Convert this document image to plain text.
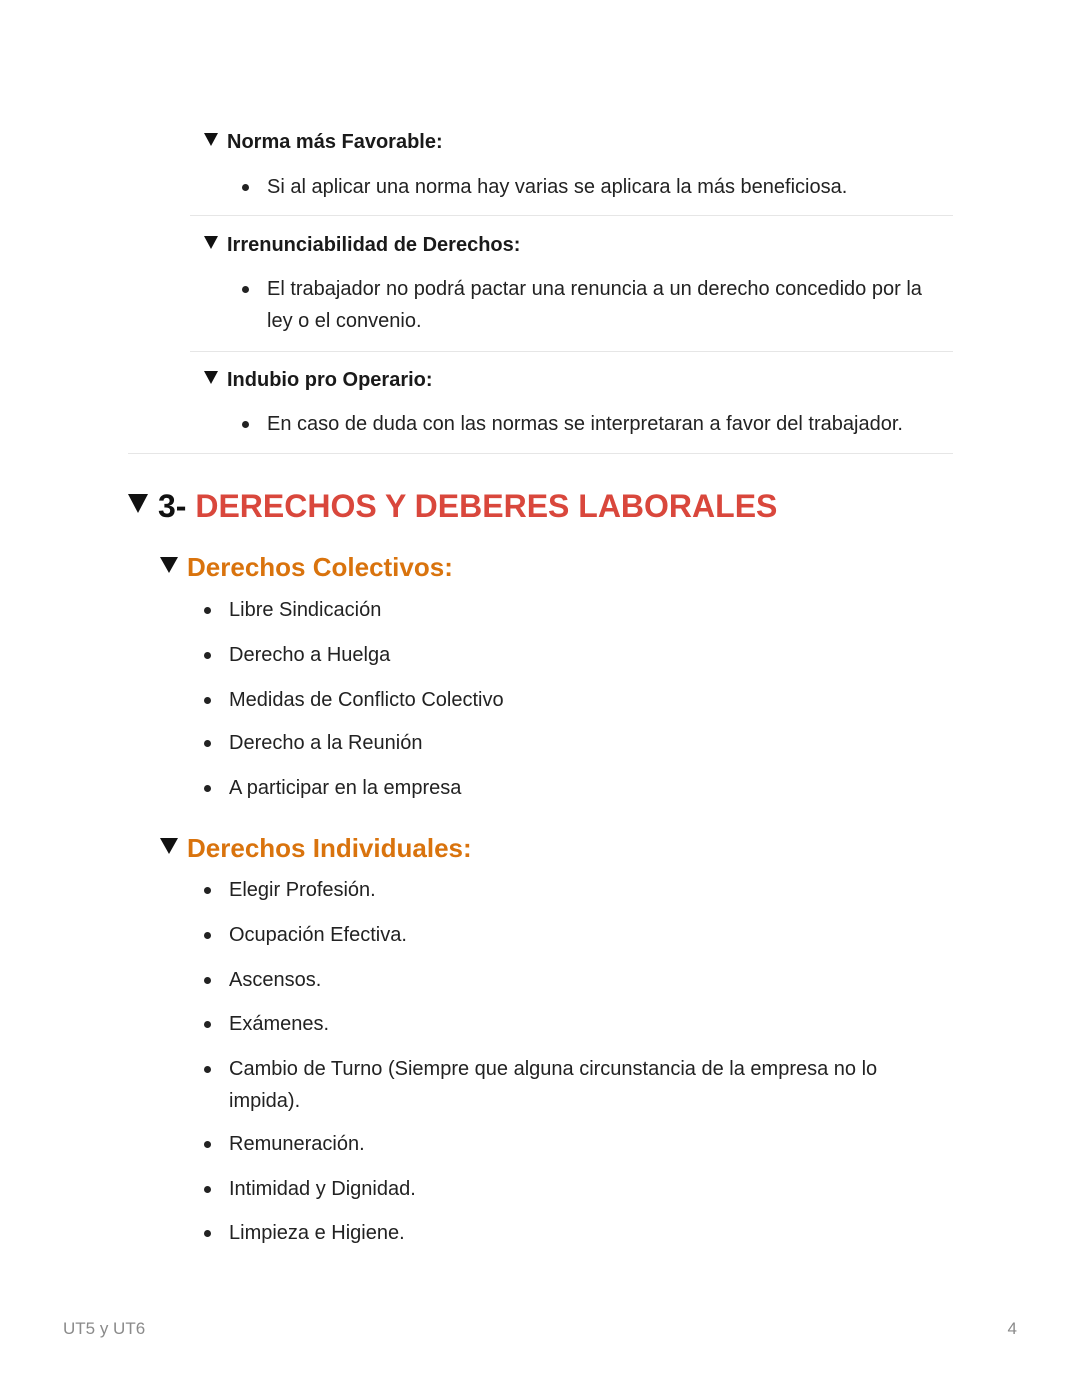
Norma más Favorable:
Si al aplicar una norma hay varias se aplicara la más beneficiosa.
Irrenunciabilidad de Derechos:
El trabajador no podrá pactar una renuncia a un derecho concedido por la ley o el convenio.
Indubio pro Operario:
En caso de duda con las normas se interpretaran a favor del trabajador.
3- DERECHOS Y DEBERES LABORALES
Derechos Colectivos:
Libre Sindicación
Derecho a Huelga
Medidas de Conflicto Colectivo
Derecho a la Reunión
A participar en la empresa
Derechos Individuales:
Elegir Profesión.
Ocupación Efectiva.
Ascensos.
Exámenes.
Cambio de Turno (Siempre que alguna circunstancia de la empresa no lo impida).
Remuneración.
Intimidad y Dignidad.
Limpieza e Higiene.
UT5 y UT6	4
